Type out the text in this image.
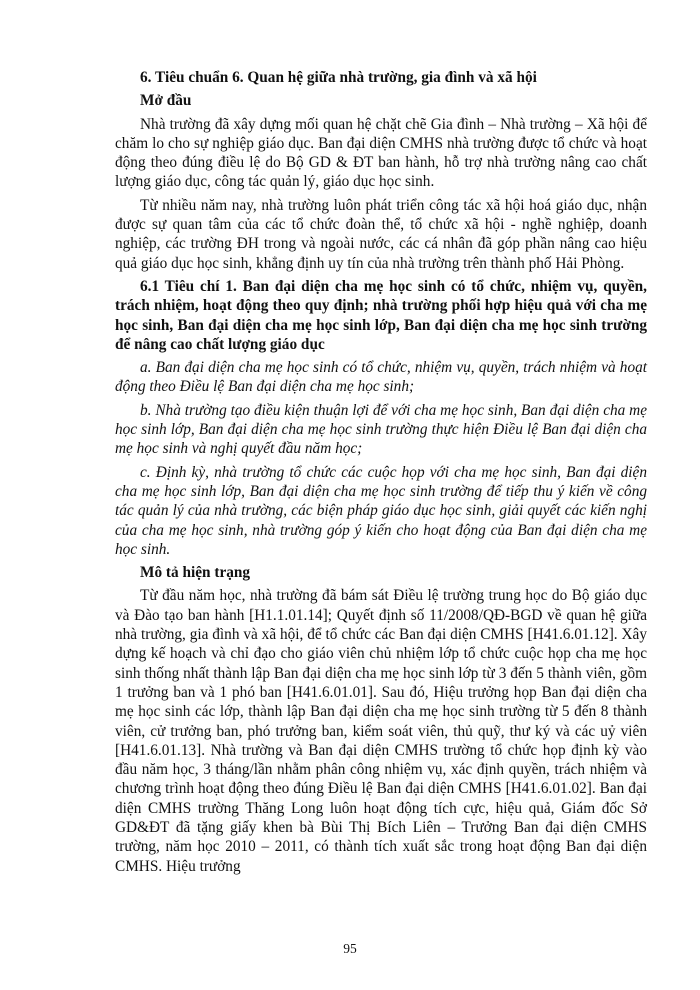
6. Tiêu chuẩn 6. Quan hệ giữa nhà trường, gia đình và xã hội

Mở đầu

Nhà trường đã xây dựng mối quan hệ chặt chẽ Gia đình – Nhà trường – Xã hội để chăm lo cho sự nghiệp giáo dục. Ban đại diện CMHS nhà trường được tổ chức và hoạt động theo đúng điều lệ do Bộ GD & ĐT ban hành, hỗ trợ nhà trường nâng cao chất lượng giáo dục, công tác quản lý, giáo dục học sinh.

Từ nhiều năm nay, nhà trường luôn phát triển công tác xã hội hoá giáo dục, nhận được sự quan tâm của các tổ chức đoàn thể, tổ chức xã hội - nghề nghiệp, doanh nghiệp, các trường ĐH trong và ngoài nước, các cá nhân đã góp phần nâng cao hiệu quả giáo dục học sinh, khẳng định uy tín của nhà trường trên thành phố Hải Phòng.

6.1 Tiêu chí 1. Ban đại diện cha mẹ học sinh có tổ chức, nhiệm vụ, quyền, trách nhiệm, hoạt động theo quy định; nhà trường phối hợp hiệu quả với cha mẹ học sinh, Ban đại diện cha mẹ học sinh lớp, Ban đại diện cha mẹ học sinh trường để nâng cao chất lượng giáo dục

a. Ban đại diện cha mẹ học sinh có tổ chức, nhiệm vụ, quyền, trách nhiệm và hoạt động theo Điều lệ Ban đại diện cha mẹ học sinh;

b. Nhà trường tạo điều kiện thuận lợi để với cha mẹ học sinh, Ban đại diện cha mẹ học sinh lớp, Ban đại diện cha mẹ học sinh trường thực hiện Điều lệ Ban đại diện cha mẹ học sinh và nghị quyết đầu năm học;

c. Định kỳ, nhà trường tổ chức các cuộc họp với cha mẹ học sinh, Ban đại diện cha mẹ học sinh lớp, Ban đại diện cha mẹ học sinh trường để tiếp thu ý kiến về công tác quản lý của nhà trường, các biện pháp giáo dục học sinh, giải quyết các kiến nghị của cha mẹ học sinh, nhà trường góp ý kiến cho hoạt động của Ban đại diện cha mẹ học sinh.

Mô tả hiện trạng

Từ đầu năm học, nhà trường đã bám sát Điều lệ trường trung học do Bộ giáo dục và Đào tạo ban hành [H1.1.01.14]; Quyết định số 11/2008/QĐ-BGD về quan hệ giữa nhà trường, gia đình và xã hội, để tổ chức các Ban đại diện CMHS [H41.6.01.12]. Xây dựng kế hoạch và chỉ đạo cho giáo viên chủ nhiệm lớp tổ chức cuộc họp cha mẹ học sinh thống nhất thành lập Ban đại diện cha mẹ học sinh lớp từ 3 đến 5 thành viên, gồm 1 trưởng ban và 1 phó ban [H41.6.01.01]. Sau đó, Hiệu trưởng họp Ban đại diện cha mẹ học sinh các lớp, thành lập Ban đại diện cha mẹ học sinh trường từ 5 đến 8 thành viên, cử trưởng ban, phó trưởng ban, kiểm soát viên, thủ quỹ, thư ký và các uỷ viên [H41.6.01.13]. Nhà trường và Ban đại diện CMHS trường tổ chức họp định kỳ vào đầu năm học, 3 tháng/lần nhằm phân công nhiệm vụ, xác định quyền, trách nhiệm và chương trình hoạt động theo đúng Điều lệ Ban đại diện CMHS [H41.6.01.02]. Ban đại diện CMHS trường Thăng Long luôn hoạt động tích cực, hiệu quả, Giám đốc Sở GD&ĐT đã tặng giấy khen bà Bùi Thị Bích Liên – Trưởng Ban đại diện CMHS trường, năm học 2010 – 2011, có thành tích xuất sắc trong hoạt động Ban đại diện CMHS. Hiệu trưởng

95
